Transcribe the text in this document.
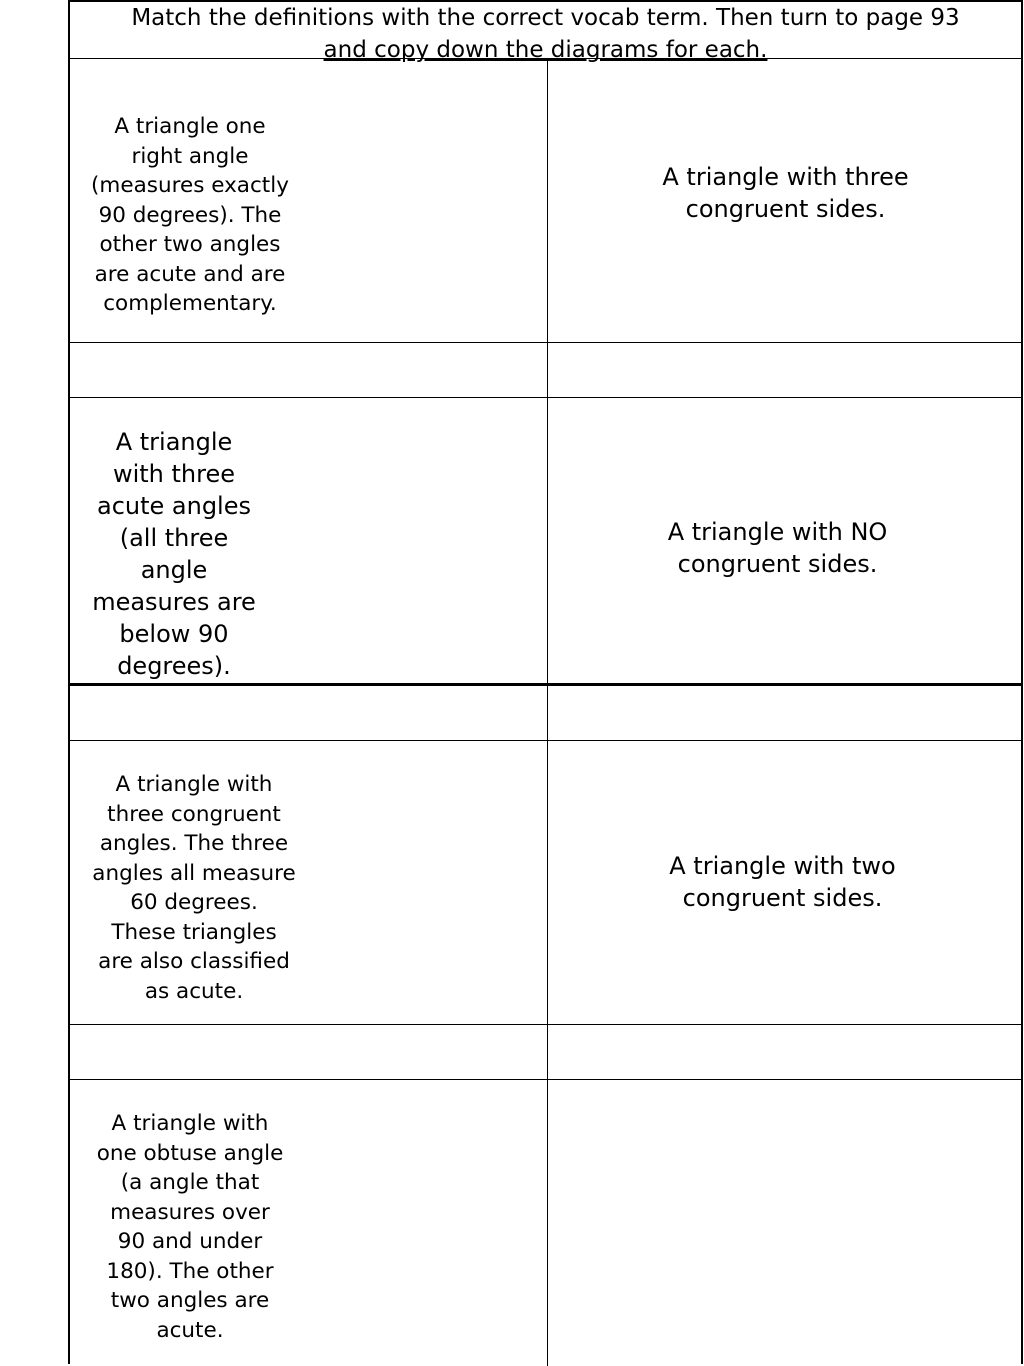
Match the definitions with the correct vocab term. Then turn to page 93
and copy down the diagrams for each.
A triangle one
right angle
(measures exactly
90 degrees). The
other two angles
are acute and are
complementary.
A triangle with three
congruent sides.
A triangle
with three
acute angles
(all three
angle
measures are
below 90
degrees).
A triangle with NO
congruent sides.
A triangle with
three congruent
angles. The three
angles all measure
60 degrees.
These triangles
are also classified
as acute.
A triangle with two
congruent sides.
A triangle with
one obtuse angle
(a angle that
measures over
90 and under
180). The other
two angles are
acute.
